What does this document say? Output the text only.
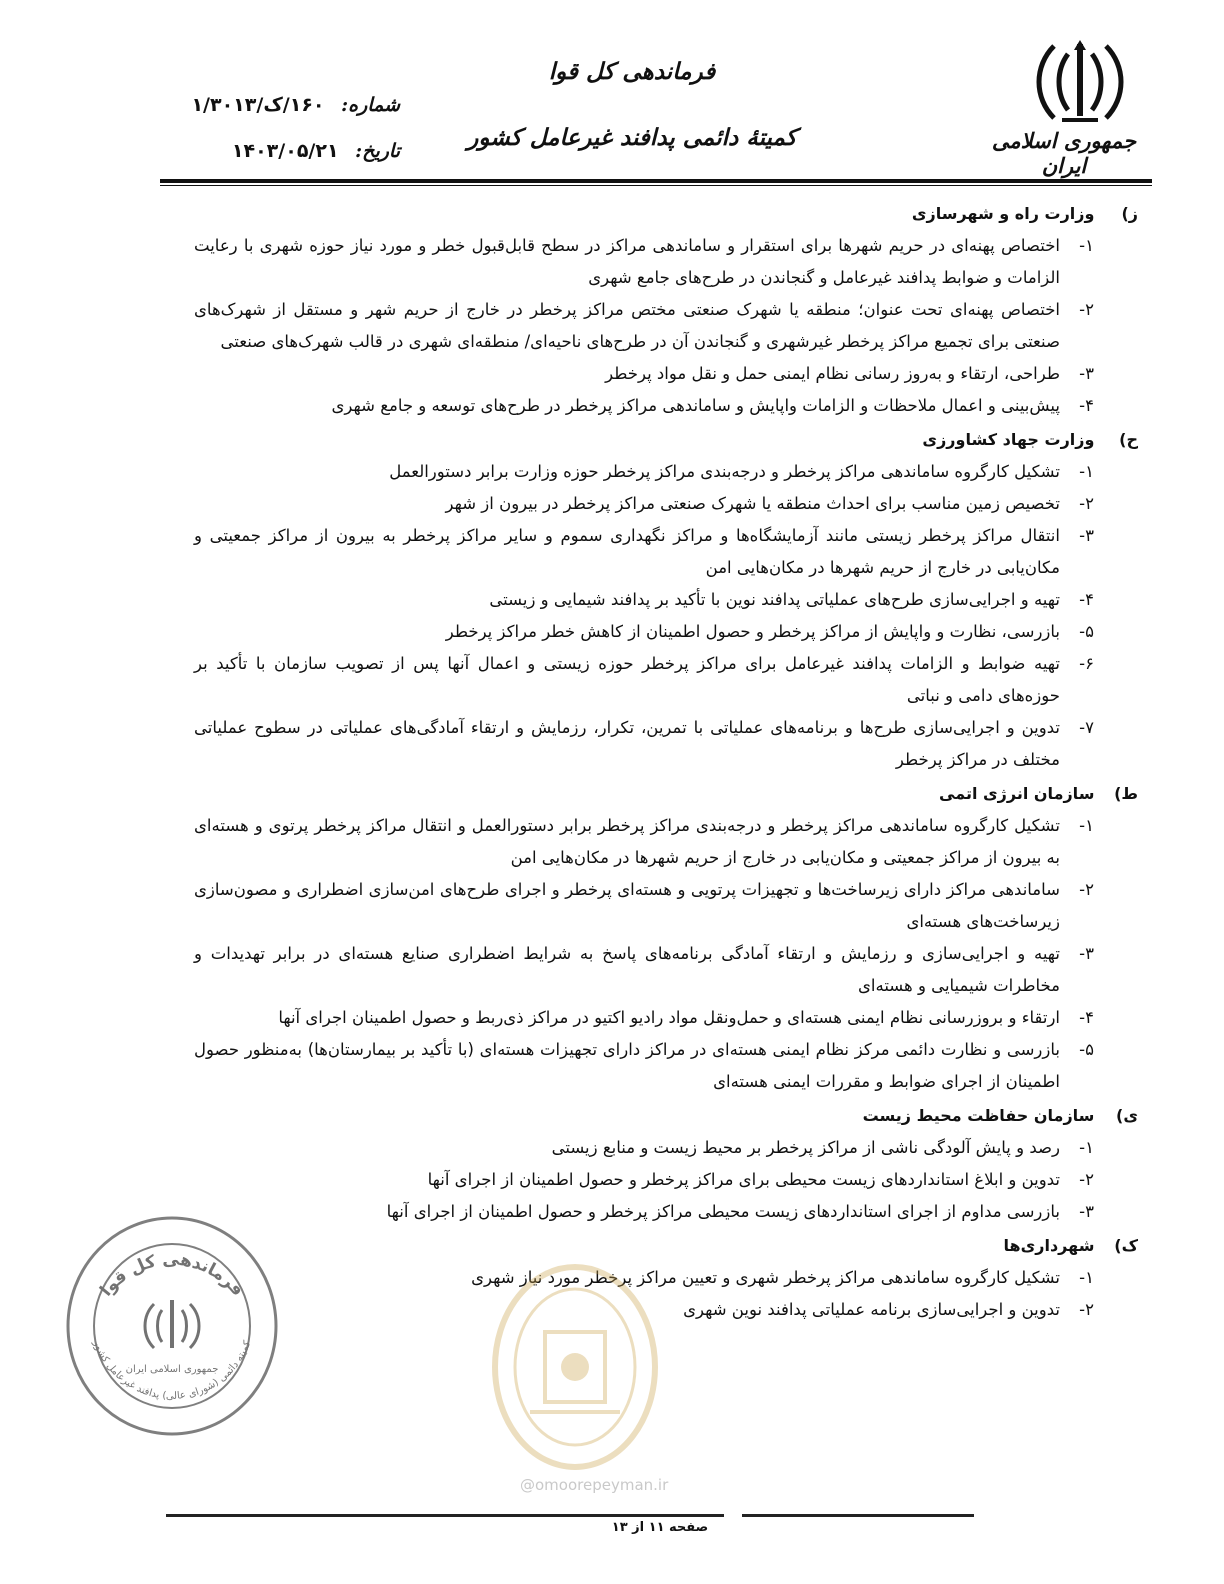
جمهوری اسلامی ایران
فرماندهی کل قوا
کمیتهٔ دائمی پدافند غیرعامل کشور
شماره: ۱۶۰/ک/۱/۳۰۱۳
تاریخ: ۱۴۰۳/۰۵/۲۱
ز) وزارت راه و شهرسازی
۱-
اختصاص پهنه‌ای در حریم شهرها برای استقرار و ساماندهی مراکز در سطح قابل‌قبول خطر و مورد نیاز حوزه شهری با رعایت الزامات و ضوابط پدافند غیرعامل و گنجاندن در طرح‌های جامع شهری
۲-
اختصاص پهنه‌ای تحت عنوان؛ منطقه یا شهرک صنعتی مختص مراکز پرخطر در خارج از حریم شهر و مستقل از شهرک‌های صنعتی برای تجمیع مراکز پرخطر غیرشهری و گنجاندن آن در طرح‌های ناحیه‌ای/ منطقه‌ای شهری در قالب شهرک‌های صنعتی
۳-
طراحی، ارتقاء و به‌روز رسانی نظام ایمنی حمل و نقل مواد پرخطر
۴-
پیش‌بینی و اعمال ملاحظات و الزامات واپایش و ساماندهی مراکز پرخطر در طرح‌های توسعه و جامع شهری
ح) وزارت جهاد کشاورزی
۱-
تشکیل کارگروه ساماندهی مراکز پرخطر و درجه‌بندی مراکز پرخطر حوزه وزارت برابر دستورالعمل
۲-
تخصیص زمین مناسب برای احداث منطقه یا شهرک صنعتی مراکز پرخطر در بیرون از شهر
۳-
انتقال مراکز پرخطر زیستی مانند آزمایشگاه‌ها و مراکز نگهداری سموم و سایر مراکز پرخطر به بیرون از مراکز جمعیتی و مکان‌یابی در خارج از حریم شهرها در مکان‌هایی امن
۴-
تهیه و اجرایی‌سازی طرح‌های عملیاتی پدافند نوین با تأکید بر پدافند شیمایی و زیستی
۵-
بازرسی، نظارت و واپایش از مراکز پرخطر و حصول اطمینان از کاهش خطر مراکز پرخطر
۶-
تهیه ضوابط و الزامات پدافند غیرعامل برای مراکز پرخطر حوزه زیستی و اعمال آنها پس از تصویب سازمان با تأکید بر حوزه‌های دامی و نباتی
۷-
تدوین و اجرایی‌سازی طرح‌ها و برنامه‌های عملیاتی با تمرین، تکرار، رزمایش و ارتقاء آمادگی‌های عملیاتی در سطوح عملیاتی مختلف در مراکز پرخطر
ط) سازمان انرژی اتمی
۱-
تشکیل کارگروه ساماندهی مراکز پرخطر و درجه‌بندی مراکز پرخطر برابر دستورالعمل و انتقال مراکز پرخطر پرتوی و هسته‌ای به بیرون از مراکز جمعیتی و مکان‌یابی در خارج از حریم شهرها در مکان‌هایی امن
۲-
ساماندهی مراکز دارای زیرساخت‌ها و تجهیزات پرتویی و هسته‌ای پرخطر و اجرای طرح‌های امن‌سازی اضطراری و مصون‌سازی زیرساخت‌های هسته‌ای
۳-
تهیه و اجرایی‌سازی و رزمایش و ارتقاء آمادگی برنامه‌های پاسخ به شرایط اضطراری صنایع هسته‌ای در برابر تهدیدات و مخاطرات شیمیایی و هسته‌ای
۴-
ارتقاء و بروزرسانی نظام ایمنی هسته‌ای و حمل‌ونقل مواد رادیو اکتیو در مراکز ذی‌ربط و حصول اطمینان اجرای آنها
۵-
بازرسی و نظارت دائمی مرکز نظام ایمنی هسته‌ای در مراکز دارای تجهیزات هسته‌ای (با تأکید بر بیمارستان‌ها) به‌منظور حصول اطمینان از اجرای ضوابط و مقررات ایمنی هسته‌ای
ی) سازمان حفاظت محیط زیست
۱-
رصد و پایش آلودگی ناشی از مراکز پرخطر بر محیط زیست و منابع زیستی
۲-
تدوین و ابلاغ استانداردهای زیست محیطی برای مراکز پرخطر و حصول اطمینان از اجرای آنها
۳-
بازرسی مداوم از اجرای استانداردهای زیست محیطی مراکز پرخطر و حصول اطمینان از اجرای آنها
ک) شهرداری‌ها
۱-
تشکیل کارگروه ساماندهی مراکز پرخطر شهری و تعیین مراکز پرخطر مورد نیاز شهری
۲-
تدوین و اجرایی‌سازی برنامه عملیاتی پدافند نوین شهری
فرماندهی کل قوا
کمیته دائمی (شورای عالی) پدافند غیرعامل کشور
جمهوری اسلامی ایران
@omoorepeyman.ir
صفحه ۱۱ از ۱۳
